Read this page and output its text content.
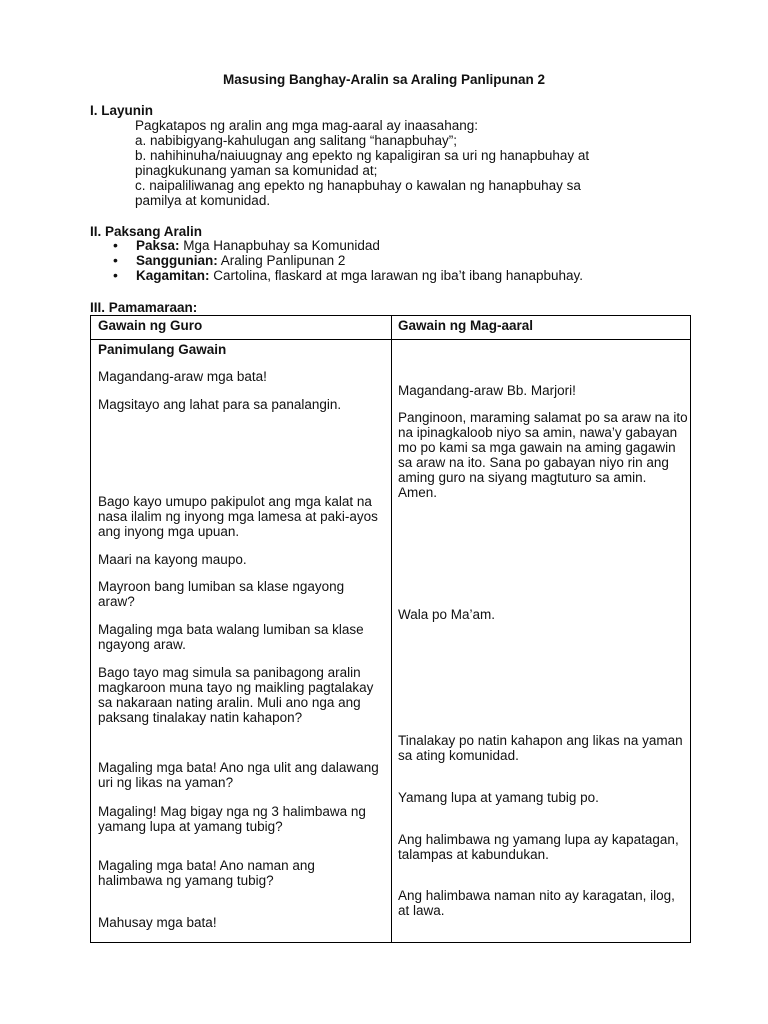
Masusing Banghay-Aralin sa Araling Panlipunan 2
I. Layunin
Pagkatapos ng aralin ang mga mag-aaral ay inaasahang:
a. nabibigyang-kahulugan ang salitang “hanapbuhay”;
b. nahihinuha/naiuugnay ang epekto ng kapaligiran sa uri ng hanapbuhay at
pinagkukunang yaman sa komunidad at;
c. naipaliliwanag ang epekto ng hanapbuhay o kawalan ng hanapbuhay sa
pamilya at komunidad.
II. Paksang Aralin
• Paksa: Mga Hanapbuhay sa Komunidad
• Sanggunian: Araling Panlipunan 2
• Kagamitan: Cartolina, flaskard at mga larawan ng iba’t ibang hanapbuhay.
III. Pamamaraan:
Gawain ng Guro	Gawain ng Mag-aaral
Panimulang Gawain
Magandang-araw mga bata!
Magsitayo ang lahat para sa panalangin.
Bago kayo umupo pakipulot ang mga kalat na nasa ilalim ng inyong mga lamesa at paki-ayos ang inyong mga upuan.
Maari na kayong maupo.
Mayroon bang lumiban sa klase ngayong araw?
Magaling mga bata walang lumiban sa klase ngayong araw.
Bago tayo mag simula sa panibagong aralin magkaroon muna tayo ng maikling pagtalakay sa nakaraan nating aralin. Muli ano nga ang paksang tinalakay natin kahapon?
Magaling mga bata! Ano nga ulit ang dalawang uri ng likas na yaman?
Magaling! Mag bigay nga ng 3 halimbawa ng yamang lupa at yamang tubig?
Magaling mga bata! Ano naman ang halimbawa ng yamang tubig?
Mahusay mga bata!
Magandang-araw Bb. Marjori!
Panginoon, maraming salamat po sa araw na ito na ipinagkaloob niyo sa amin, nawa’y gabayan mo po kami sa mga gawain na aming gagawin sa araw na ito. Sana po gabayan niyo rin ang aming guro na siyang magtuturo sa amin. Amen.
Wala po Ma’am.
Tinalakay po natin kahapon ang likas na yaman sa ating komunidad.
Yamang lupa at yamang tubig po.
Ang halimbawa ng yamang lupa ay kapatagan, talampas at kabundukan.
Ang halimbawa naman nito ay karagatan, ilog, at lawa.
